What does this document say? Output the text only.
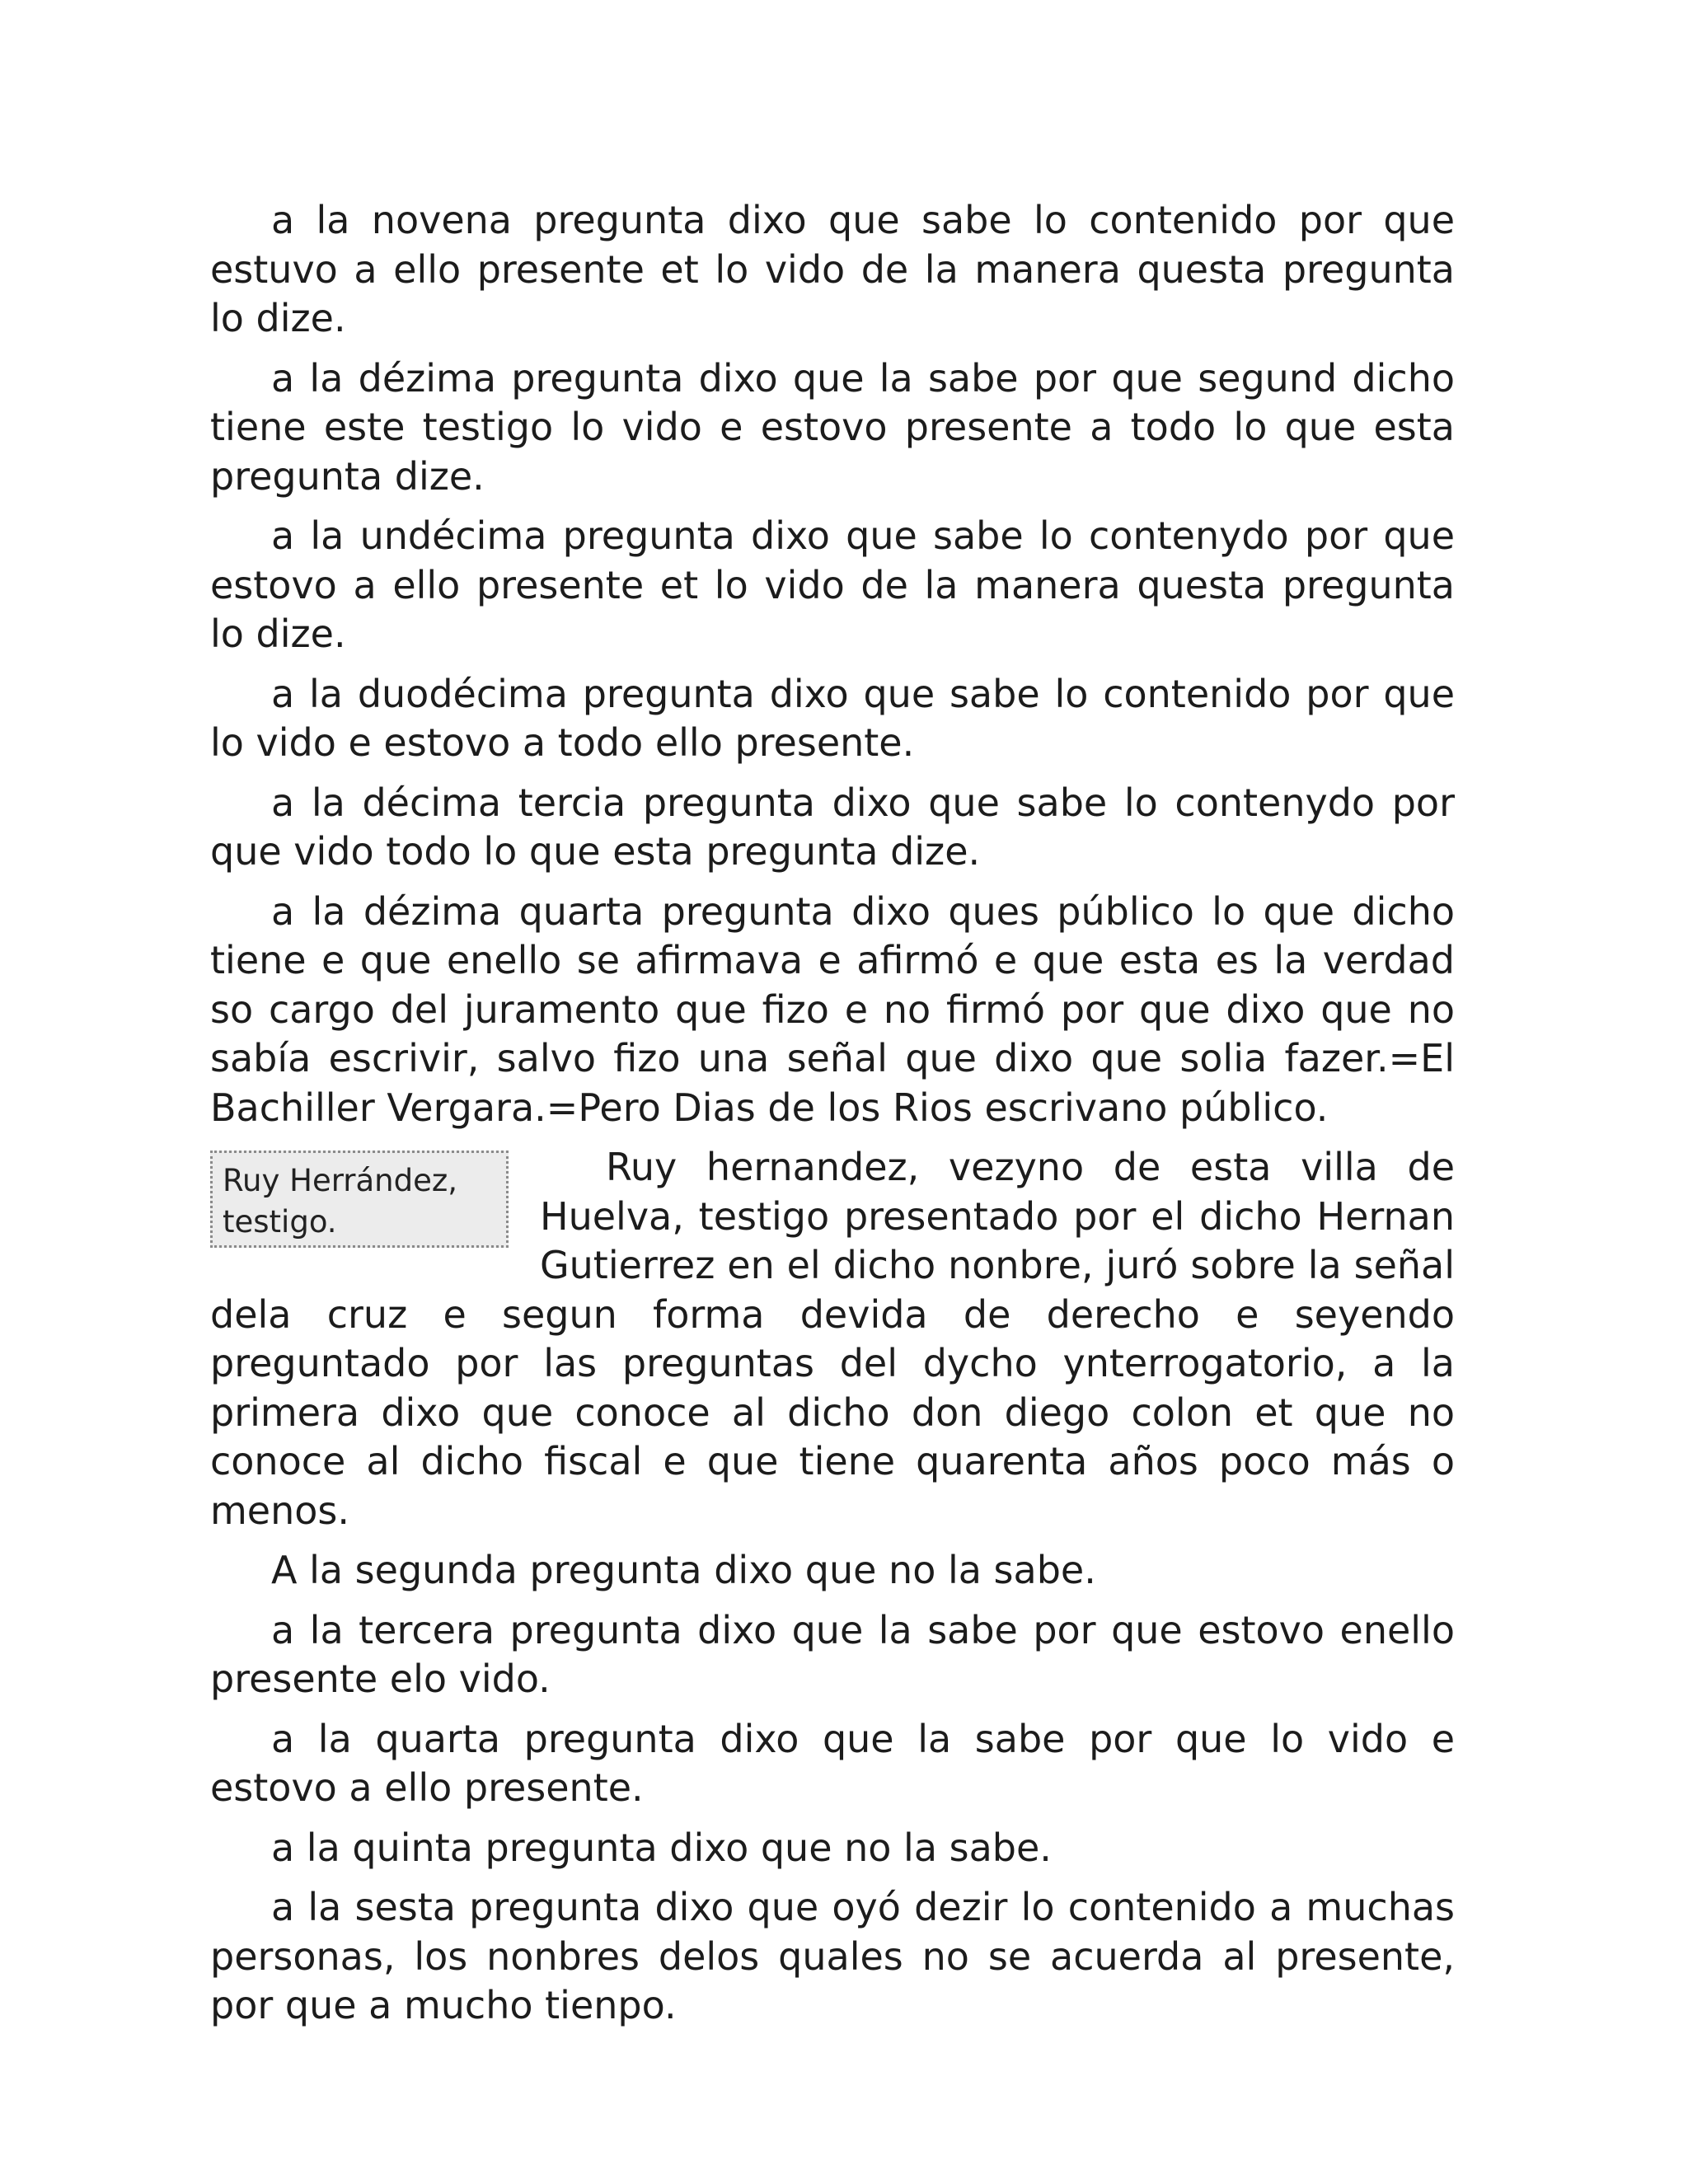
a la novena pregunta dixo que sabe lo contenido por que estuvo a ello presente et lo vido de la manera questa pregunta lo dize.

a la dézima pregunta dixo que la sabe por que segund dicho tiene este testigo lo vido e estovo presente a todo lo que esta pregunta dize.

a la undécima pregunta dixo que sabe lo contenydo por que estovo a ello presente et lo vido de la manera questa pregunta lo dize.

a la duodécima pregunta dixo que sabe lo contenido por que lo vido e estovo a todo ello presente.

a la décima tercia pregunta dixo que sabe lo contenydo por que vido todo lo que esta pregunta dize.

a la dézima quarta pregunta dixo ques público lo que dicho tiene e que enello se afirmava e afirmó e que esta es la verdad so cargo del juramento que fizo e no firmó por que dixo que no sabía escrivir, salvo fizo una señal que dixo que solia fazer.=El Bachiller Vergara.=Pero Dias de los Rios escrivano público.

Ruy Herrández,
testigo.

Ruy hernandez, vezyno de esta villa de Huelva, testigo presentado por el dicho Hernan Gutierrez en el dicho nonbre, juró sobre la señal dela cruz e segun forma devida de derecho e seyendo preguntado por las preguntas del dycho ynterrogatorio, a la primera dixo que conoce al dicho don diego colon et que no conoce al dicho fiscal e que tiene quarenta años poco más o menos.

A la segunda pregunta dixo que no la sabe.

a la tercera pregunta dixo que la sabe por que estovo enello presente elo vido.

a la quarta pregunta dixo que la sabe por que lo vido e estovo a ello presente.

a la quinta pregunta dixo que no la sabe.

a la sesta pregunta dixo que oyó dezir lo contenido a muchas personas, los nonbres delos quales no se acuerda al presente, por que a mucho tienpo.
